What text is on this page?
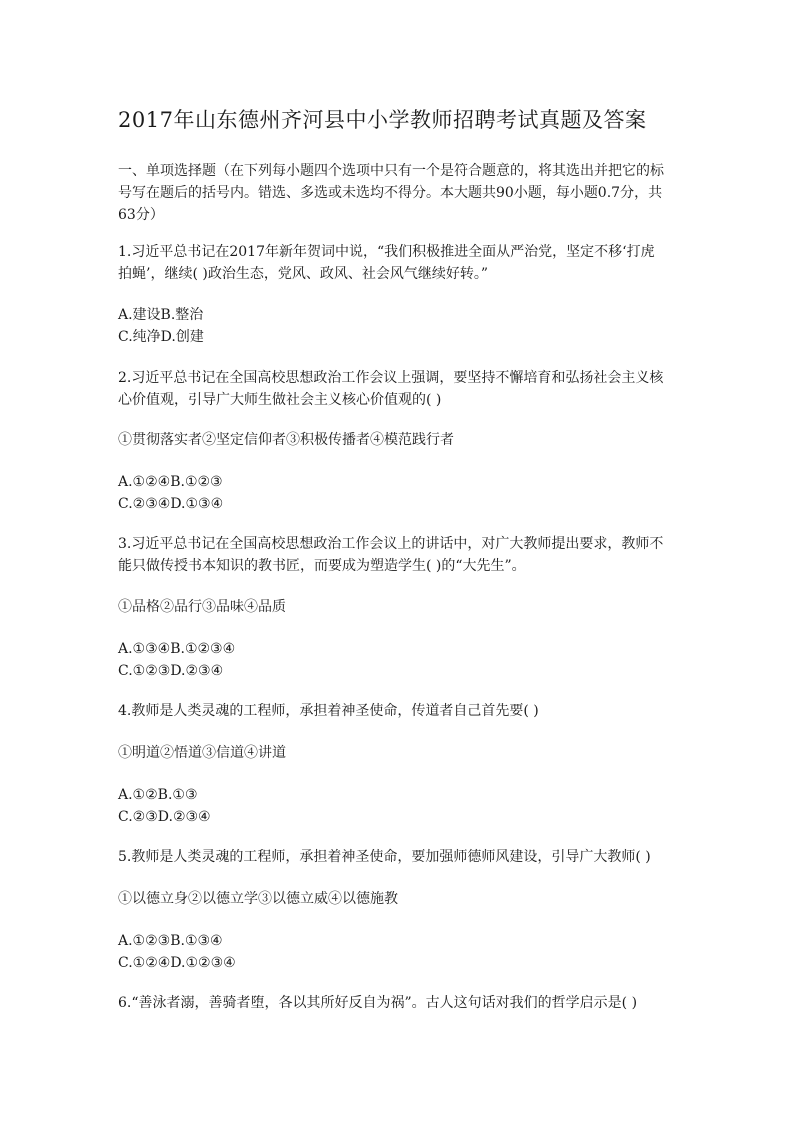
2017年山东德州齐河县中小学教师招聘考试真题及答案
一、单项选择题（在下列每小题四个选项中只有一个是符合题意的，将其选出并把它的标
号写在题后的括号内。错选、多选或未选均不得分。本大题共90小题，每小题0.7分，共
63分）
1.习近平总书记在2017年新年贺词中说，“我们积极推进全面从严治党，坚定不移‘打虎
拍蝇’，继续( )政治生态，党风、政风、社会风气继续好转。”
A.建设B.整治
C.纯净D.创建
2.习近平总书记在全国高校思想政治工作会议上强调，要坚持不懈培育和弘扬社会主义核
心价值观，引导广大师生做社会主义核心价值观的( )
①贯彻落实者②坚定信仰者③积极传播者④模范践行者
A.①②④B.①②③
C.②③④D.①③④
3.习近平总书记在全国高校思想政治工作会议上的讲话中，对广大教师提出要求，教师不
能只做传授书本知识的教书匠，而要成为塑造学生( )的“大先生”。
①品格②品行③品味④品质
A.①③④B.①②③④
C.①②③D.②③④
4.教师是人类灵魂的工程师，承担着神圣使命，传道者自己首先要( )
①明道②悟道③信道④讲道
A.①②B.①③
C.②③D.②③④
5.教师是人类灵魂的工程师，承担着神圣使命，要加强师德师风建设，引导广大教师( )
①以德立身②以德立学③以德立威④以德施教
A.①②③B.①③④
C.①②④D.①②③④
6.“善泳者溺，善骑者堕，各以其所好反自为祸”。古人这句话对我们的哲学启示是( )
